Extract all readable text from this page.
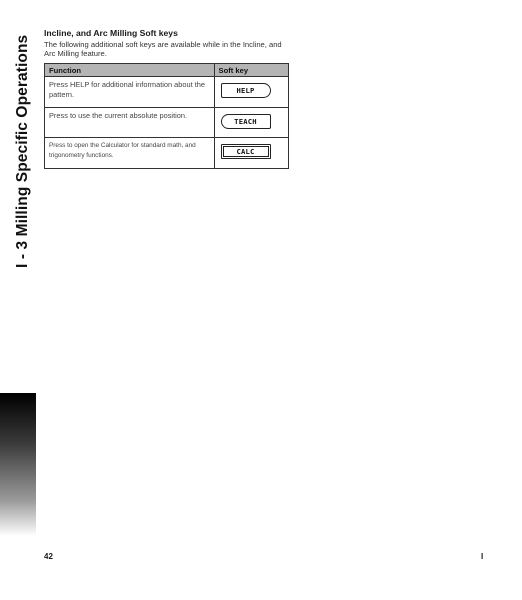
I - 3 Milling Specific Operations
Incline, and Arc Milling Soft keys

The following additional soft keys are available while in the Incline, and Arc Milling feature.

Function	Soft key
Press HELP for additional information about the pattern.	HELP

Press to use the current absolute position.	TEACH

Press to open the Calculator for standard math, and trigonometry functions.	CALC
42	I
